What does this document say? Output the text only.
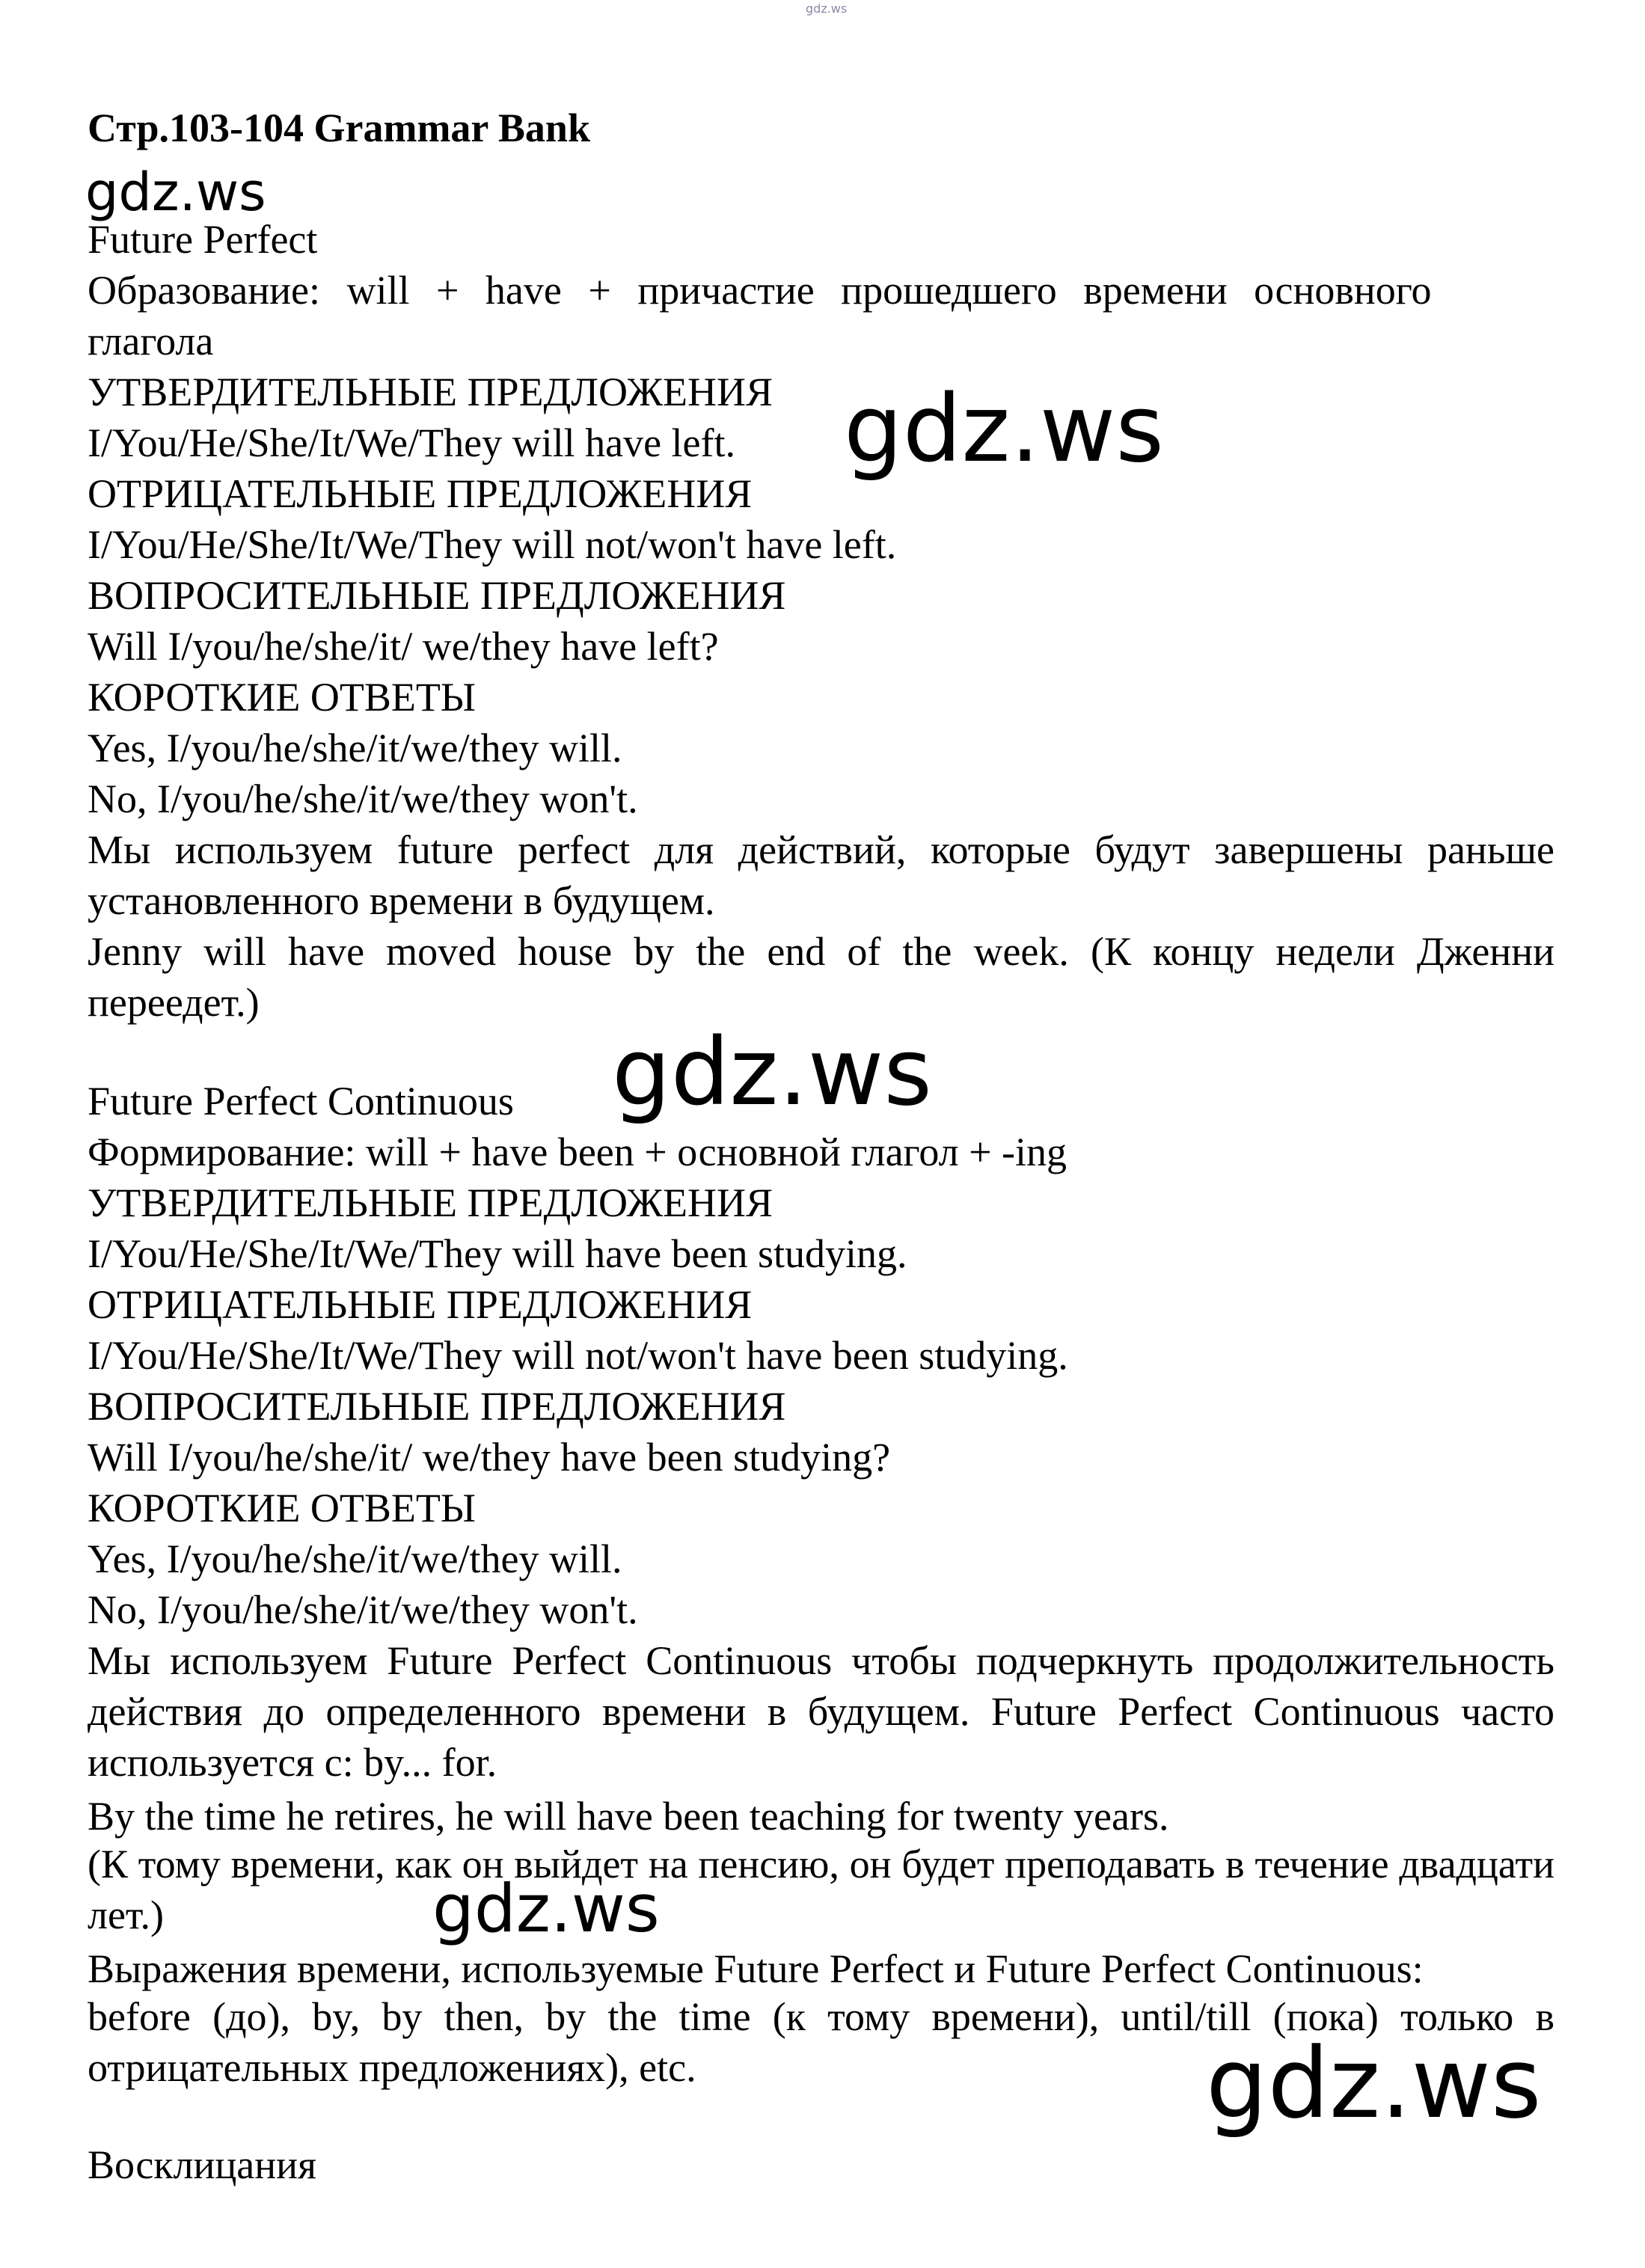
gdz.ws
Стр.103-104 Grammar Bank
gdz.ws
Future Perfect
Образование: will + have + причастие прошедшего времени основного
глагола
УТВЕРДИТЕЛЬНЫЕ ПРЕДЛОЖЕНИЯ
I/You/He/She/It/We/They will have left.
ОТРИЦАТЕЛЬНЫЕ ПРЕДЛОЖЕНИЯ
I/You/He/She/It/We/They will not/won't have left.
ВОПРОСИТЕЛЬНЫЕ ПРЕДЛОЖЕНИЯ
Will I/you/he/she/it/ we/they have left?
КОРОТКИЕ ОТВЕТЫ
Yes, I/you/he/she/it/we/they will.
No, I/you/he/she/it/we/they won't.
Мы используем future perfect для действий, которые будут завершены раньше установленного времени в будущем.
Jenny will have moved house by the end of the week. (К концу недели Дженни переедет.)
gdz.ws
gdz.ws
Future Perfect Continuous
Формирование: will + have been + основной глагол + -ing
УТВЕРДИТЕЛЬНЫЕ ПРЕДЛОЖЕНИЯ
I/You/He/She/It/We/They will have been studying.
ОТРИЦАТЕЛЬНЫЕ ПРЕДЛОЖЕНИЯ
I/You/He/She/It/We/They will not/won't have been studying.
ВОПРОСИТЕЛЬНЫЕ ПРЕДЛОЖЕНИЯ
Will I/you/he/she/it/ we/they have been studying?
КОРОТКИЕ ОТВЕТЫ
Yes, I/you/he/she/it/we/they will.
No, I/you/he/she/it/we/they won't.
Мы используем Future Perfect Continuous чтобы подчеркнуть продолжительность действия до определенного времени в будущем. Future Perfect Continuous часто используется с: by... for.
By the time he retires, he will have been teaching for twenty years.
(К тому времени, как он выйдет на пенсию, он будет преподавать в течение двадцати лет.)
Выражения времени, используемые Future Perfect и Future Perfect Continuous:
before (до), by, by then, by the time (к тому времени), until/till (пока) только в отрицательных предложениях), etc.
gdz.ws
gdz.ws
Восклицания
